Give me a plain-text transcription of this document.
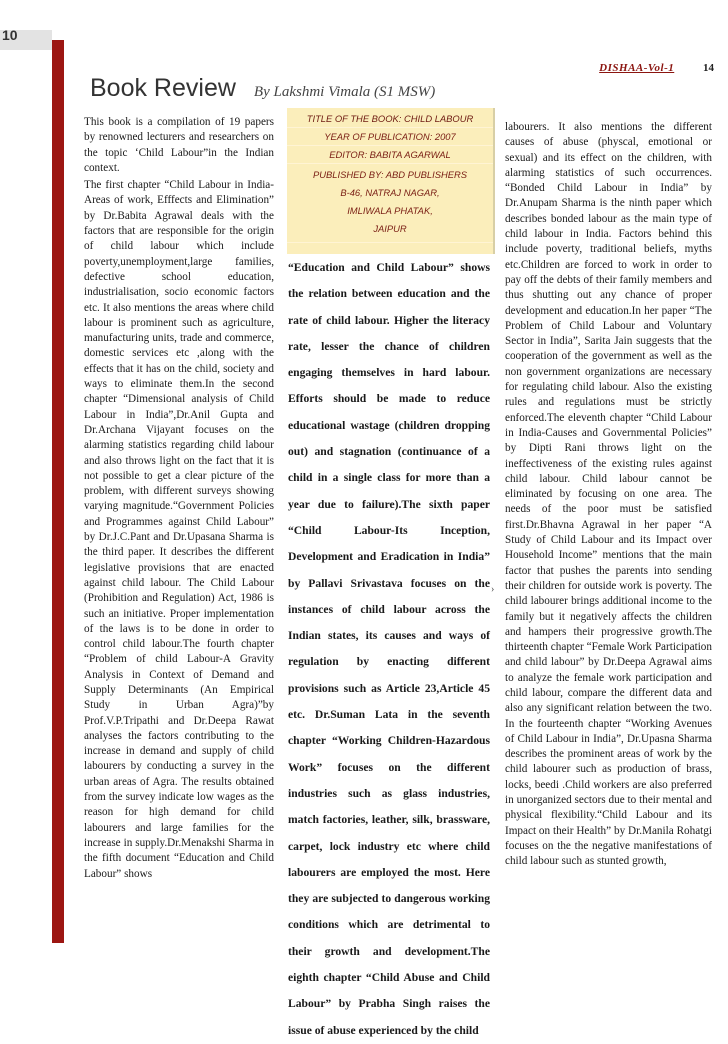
10
DISHAA-Vol-1	14
Book Review By Lakshmi Vimala (S1 MSW)

This book is a compilation of 19 papers by renowned lecturers and researchers on the topic ‘Child Labour”in the Indian context.

The first chapter “Child Labour in India-Areas of work, Efffects and Elimination” by Dr.Babita Agrawal deals with the factors that are responsible for the origin of child labour which include poverty,unemployment,large families, defective school education, industrialisation, socio economic factors etc. It also mentions the areas where child labour is prominent such as agriculture, manufacturing units, trade and commerce, domestic services etc ,along with the effects that it has on the child, society and ways to eliminate them.In the second chapter “Dimensional analysis of Child Labour in India”,Dr.Anil Gupta and Dr.Archana Vijayant focuses on the alarming statistics regarding child labour and also throws light on the fact that it is not possible to get a clear picture of the problem, with different surveys showing varying magnitude.“Government Policies and Programmes against Child Labour” by Dr.J.C.Pant and Dr.Upasana Sharma is the third paper. It describes the different legislative provisions that are enacted against child labour. The Child Labour (Prohibition and Regulation) Act, 1986 is such an initiative. Proper implementation of the laws is to be done in order to control child labour.The fourth chapter “Problem of child Labour-A Gravity Analysis in Context of Demand and Supply Determinants (An Empirical Study in Urban Agra)”by Prof.V.P.Tripathi and Dr.Deepa Rawat analyses the factors contributing to the increase in demand and supply of child labourers by conducting a survey in the urban areas of Agra. The results obtained from the survey indicate low wages as the reason for high demand for child labourers and large families for the increase in supply.Dr.Menakshi Sharma in the fifth document “Education and Child Labour” shows

TITLE OF THE BOOK: CHILD LABOUR
YEAR OF PUBLICATION: 2007
EDITOR: BABITA AGARWAL
PUBLISHED BY: ABD PUBLISHERS
B-46, NATRAJ NAGAR,
IMLIWALA PHATAK,
JAIPUR
“Education and Child Labour” shows the relation between education and the rate of child labour. Higher the literacy rate, lesser the chance of children engaging themselves in hard labour. Efforts should be made to reduce educational wastage (children dropping out) and stagnation (continuance of a child in a single class for more than a year due to failure).The sixth paper “Child Labour-Its Inception, Development and Eradication in India” by Pallavi Srivastava focuses on the instances of child labour across the Indian states, its causes and ways of regulation by enacting different provisions such as Article 23,Article 45 etc. Dr.Suman Lata in the seventh chapter “Working Children-Hazardous Work” focuses on the different industries such as glass industries, match factories, leather, silk, brassware, carpet, lock industry etc where child labourers are employed the most. Here they are subjected to dangerous working conditions which are detrimental to their growth and development.The eighth chapter “Child Abuse and Child Labour” by Prabha Singh raises the issue of abuse experienced by the child
›
labourers. It also mentions the different causes of abuse (physcal, emotional or sexual) and its effect on the children, with alarming statistics of such occurrences. “Bonded Child Labour in India” by Dr.Anupam Sharma is the ninth paper which describes bonded labour as the main type of child labour in India. Factors behind this include poverty, traditional beliefs, myths etc.Children are forced to work in order to pay off the debts of their family members and thus shutting out any chance of proper development and education.In her paper “The Problem of Child Labour and Voluntary Sector in India”, Sarita Jain suggests that the cooperation of the government as well as the non government organizations are necessary for regulating child labour. Also the existing rules and regulations must be strictly enforced.The eleventh chapter “Child Labour in India-Causes and Governmental Policies” by Dipti Rani throws light on the ineffectiveness of the existing rules against child labour. Child labour cannot be eliminated by focusing on one area. The needs of the poor must be satisfied first.Dr.Bhavna Agrawal in her paper “A Study of Child Labour and its Impact over Household Income” mentions that the main factor that pushes the parents into sending their children for outside work is poverty. The child labourer brings additional income to the family but it negatively affects the children and hampers their progressive growth.The thirteenth chapter “Female Work Participation and child labour” by Dr.Deepa Agrawal aims to analyze the female work participation and child labour, compare the different data and also any significant relation between the two. In the fourteenth chapter “Working Avenues of Child Labour in India”, Dr.Upasna Sharma describes the prominent areas of work by the child labourer such as production of brass, locks, beedi .Child workers are also preferred in unorganized sectors due to their mental and physical flexibility.“Child Labour and its Impact on their Health” by Dr.Manila Rohatgi focuses on the the negative manifestations of child labour such as stunted growth,
